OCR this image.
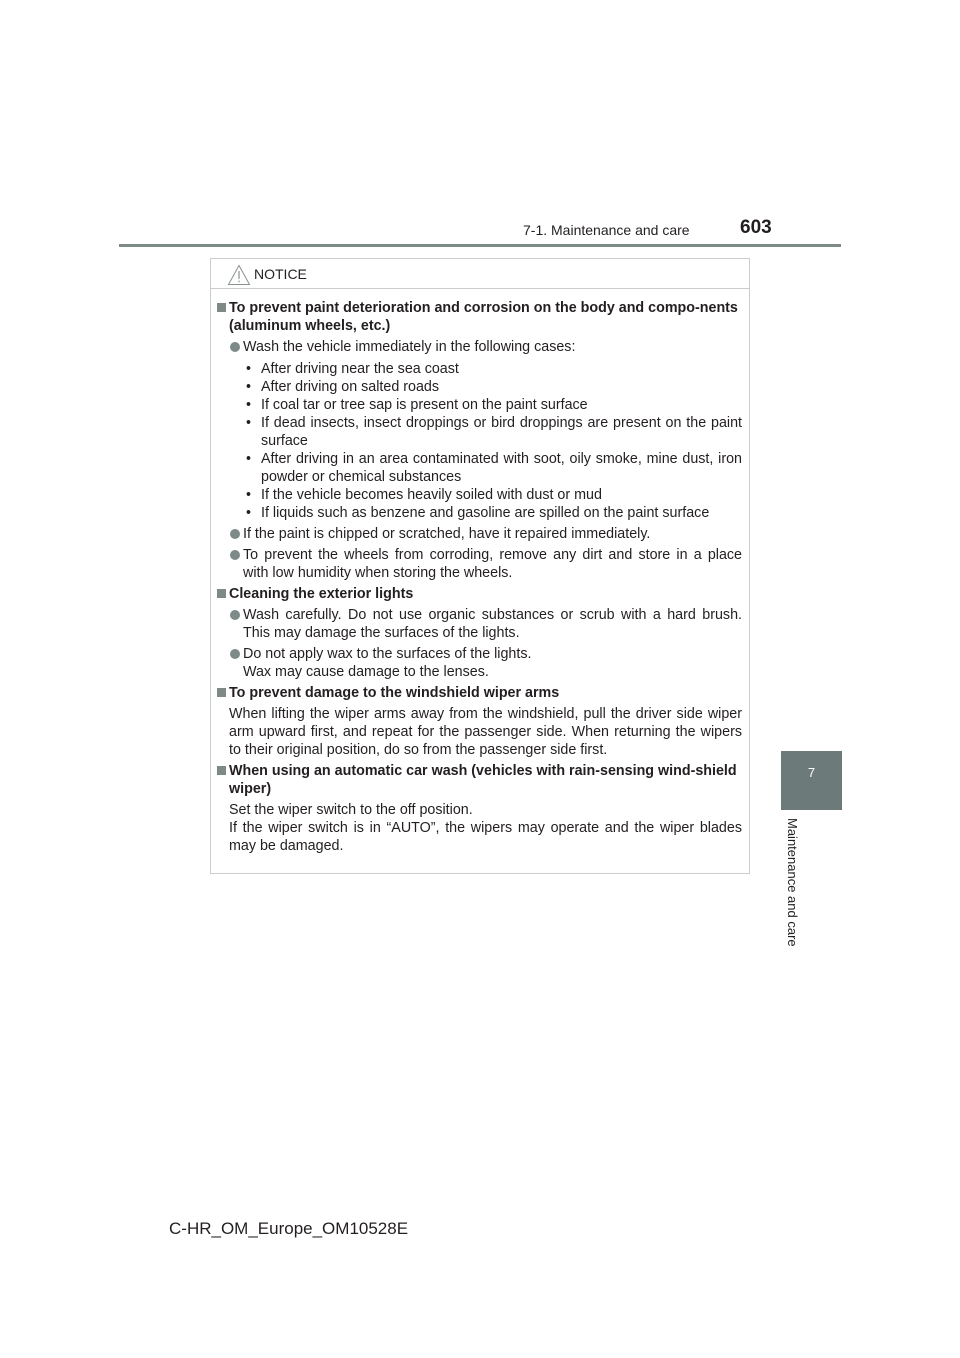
7-1. Maintenance and care	603
7
Maintenance and care
NOTICE
To prevent paint deterioration and corrosion on the body and compo-nents (aluminum wheels, etc.)
Wash the vehicle immediately in the following cases:
• After driving near the sea coast
• After driving on salted roads
• If coal tar or tree sap is present on the paint surface
• If dead insects, insect droppings or bird droppings are present on the paint surface
• After driving in an area contaminated with soot, oily smoke, mine dust, iron powder or chemical substances
• If the vehicle becomes heavily soiled with dust or mud
• If liquids such as benzene and gasoline are spilled on the paint surface
If the paint is chipped or scratched, have it repaired immediately.
To prevent the wheels from corroding, remove any dirt and store in a place with low humidity when storing the wheels.
Cleaning the exterior lights
Wash carefully. Do not use organic substances or scrub with a hard brush. This may damage the surfaces of the lights.
Do not apply wax to the surfaces of the lights.
Wax may cause damage to the lenses.
To prevent damage to the windshield wiper arms
When lifting the wiper arms away from the windshield, pull the driver side wiper arm upward first, and repeat for the passenger side. When returning the wipers to their original position, do so from the passenger side first.
When using an automatic car wash (vehicles with rain-sensing wind-shield wiper)
Set the wiper switch to the off position.
If the wiper switch is in “AUTO”, the wipers may operate and the wiper blades may be damaged.
C-HR_OM_Europe_OM10528E
